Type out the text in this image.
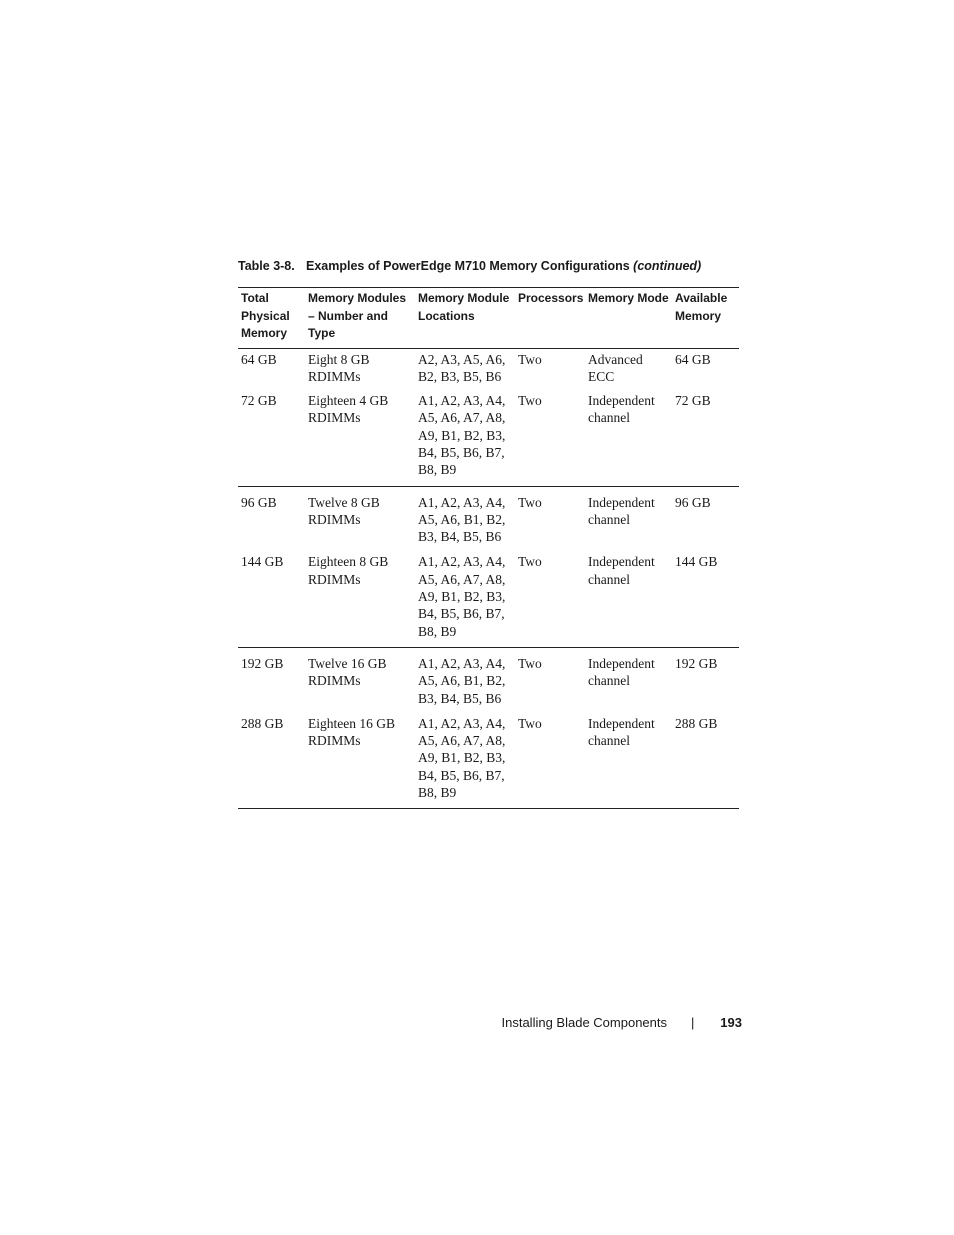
Table 3-8. Examples of PowerEdge M710 Memory Configurations (continued)
Total Physical Memory	Memory Modules – Number and Type	Memory Module Locations	Processors	Memory Mode	Available Memory
64 GB	Eight 8 GB RDIMMs	A2, A3, A5, A6, B2, B3, B5, B6	Two	Advanced ECC	64 GB
72 GB	Eighteen 4 GB RDIMMs	A1, A2, A3, A4, A5, A6, A7, A8, A9, B1, B2, B3, B4, B5, B6, B7, B8, B9	Two	Independent channel	72 GB
96 GB	Twelve 8 GB RDIMMs	A1, A2, A3, A4, A5, A6, B1, B2, B3, B4, B5, B6	Two	Independent channel	96 GB
144 GB	Eighteen 8 GB RDIMMs	A1, A2, A3, A4, A5, A6, A7, A8, A9, B1, B2, B3, B4, B5, B6, B7, B8, B9	Two	Independent channel	144 GB
192 GB	Twelve 16 GB RDIMMs	A1, A2, A3, A4, A5, A6, B1, B2, B3, B4, B5, B6	Two	Independent channel	192 GB
288 GB	Eighteen 16 GB RDIMMs	A1, A2, A3, A4, A5, A6, A7, A8, A9, B1, B2, B3, B4, B5, B6, B7, B8, B9	Two	Independent channel	288 GB
Installing Blade Components | 193
